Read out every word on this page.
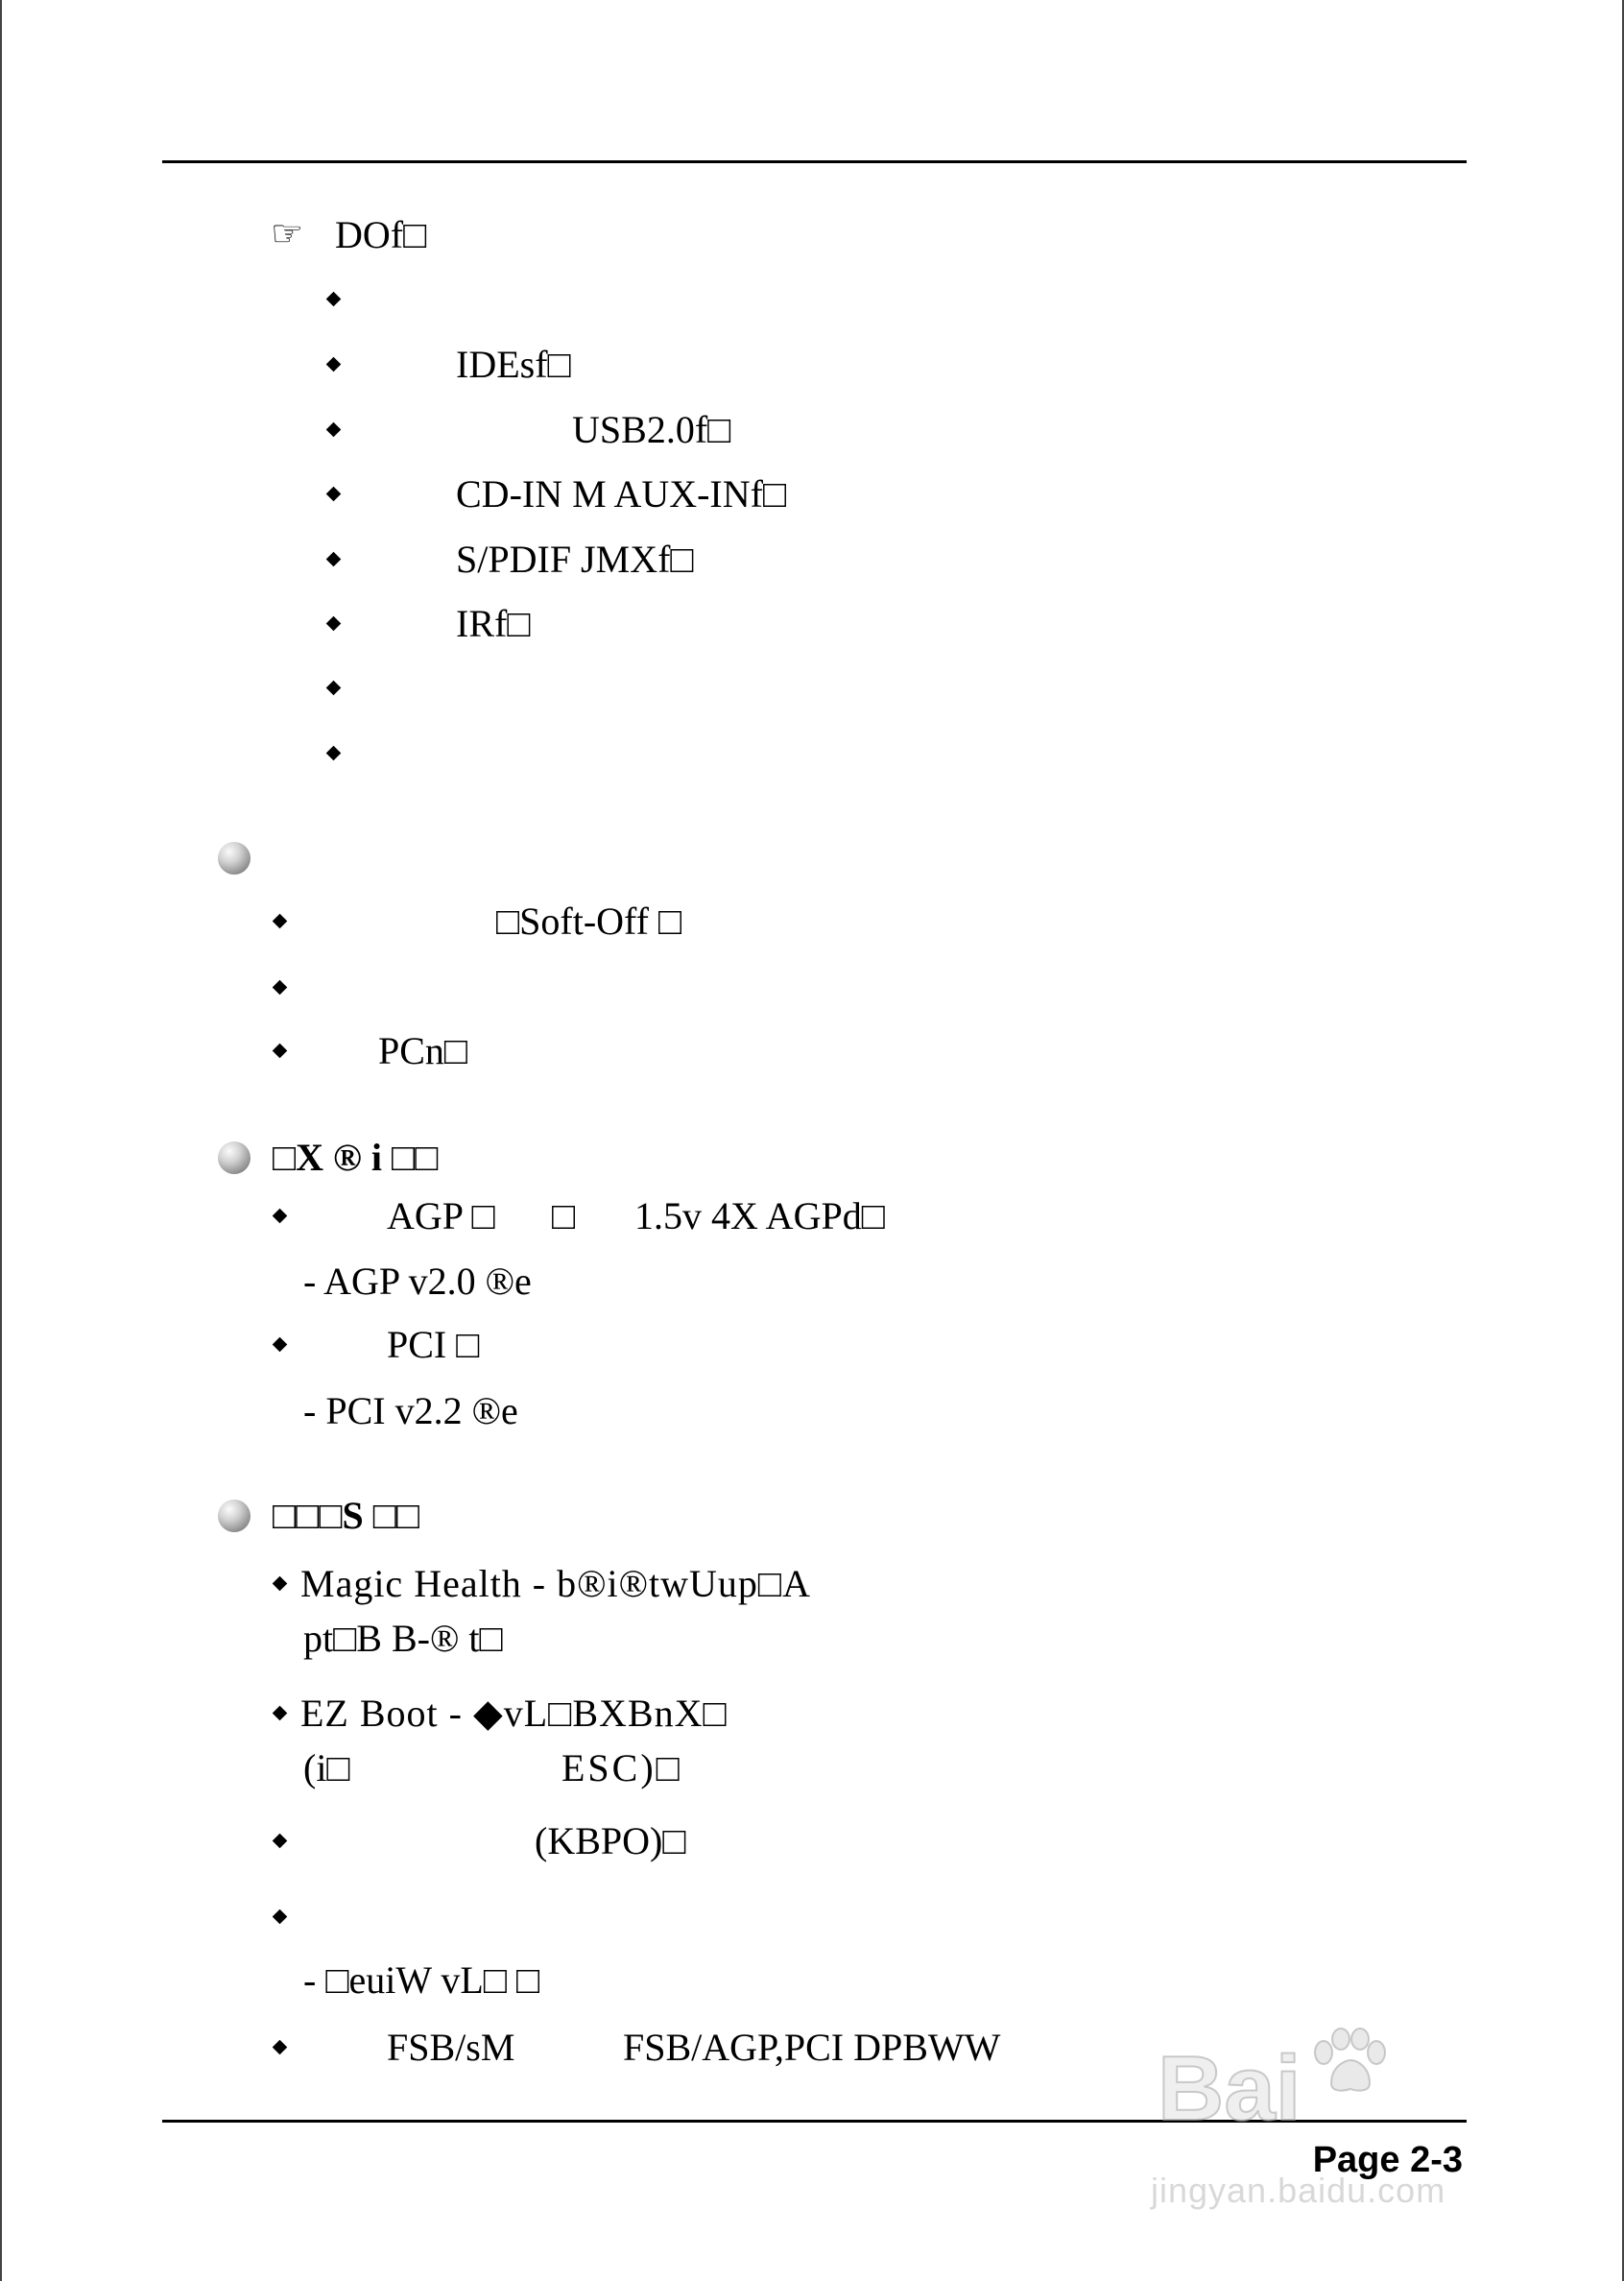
☞
DOf□
IDEsf□
USB2.0f□
CD-IN M AUX-INf□
S/PDIF JMXf□
IRf□
□Soft-Off □
PCn□
□X ® i □□
AGP □ □ 1.5v 4X AGPd□
- AGP v2.0 ®e
PCI □
- PCI v2.2 ®e
□□□S □□
Magic Health - b®i®twUup□A
pt□B B-® t□
EZ Boot - ◆vL□BXBnX□
(i□	ESC)□
(KBPO)□
- □euiW vL□ □
FSB/sM	FSB/AGP,PCI DPBWW Bai
Page 2-3
jingyan.baidu.com
